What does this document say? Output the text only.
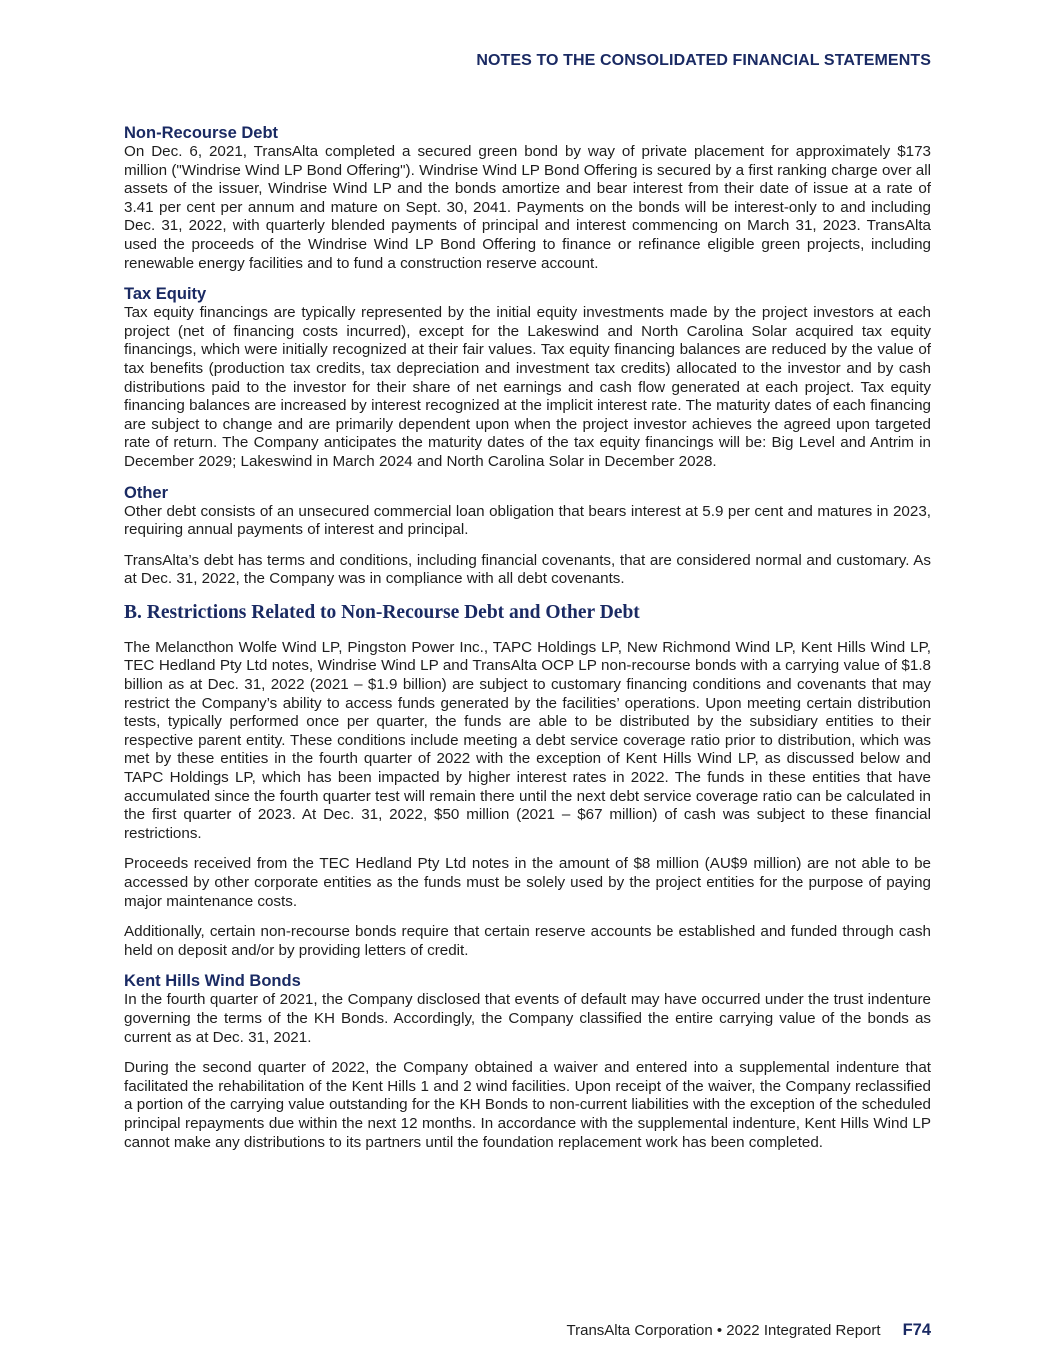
NOTES TO THE CONSOLIDATED FINANCIAL STATEMENTS
Non-Recourse Debt

On Dec. 6, 2021, TransAlta completed a secured green bond by way of private placement for approximately $173 million ("Windrise Wind LP Bond Offering"). Windrise Wind LP Bond Offering is secured by a first ranking charge over all assets of the issuer, Windrise Wind LP and the bonds amortize and bear interest from their date of issue at a rate of 3.41 per cent per annum and mature on Sept. 30, 2041. Payments on the bonds will be interest-only to and including Dec. 31, 2022, with quarterly blended payments of principal and interest commencing on March 31, 2023. TransAlta used the proceeds of the Windrise Wind LP Bond Offering to finance or refinance eligible green projects, including renewable energy facilities and to fund a construction reserve account.

Tax Equity

Tax equity financings are typically represented by the initial equity investments made by the project investors at each project (net of financing costs incurred), except for the Lakeswind and North Carolina Solar acquired tax equity financings, which were initially recognized at their fair values. Tax equity financing balances are reduced by the value of tax benefits (production tax credits, tax depreciation and investment tax credits) allocated to the investor and by cash distributions paid to the investor for their share of net earnings and cash flow generated at each project. Tax equity financing balances are increased by interest recognized at the implicit interest rate. The maturity dates of each financing are subject to change and are primarily dependent upon when the project investor achieves the agreed upon targeted rate of return. The Company anticipates the maturity dates of the tax equity financings will be: Big Level and Antrim in December 2029; Lakeswind in March 2024 and North Carolina Solar in December 2028.

Other

Other debt consists of an unsecured commercial loan obligation that bears interest at 5.9 per cent and matures in 2023, requiring annual payments of interest and principal.

TransAlta’s debt has terms and conditions, including financial covenants, that are considered normal and customary. As at Dec. 31, 2022, the Company was in compliance with all debt covenants.

B. Restrictions Related to Non-Recourse Debt and Other Debt

The Melancthon Wolfe Wind LP, Pingston Power Inc., TAPC Holdings LP, New Richmond Wind LP, Kent Hills Wind LP, TEC Hedland Pty Ltd notes, Windrise Wind LP and TransAlta OCP LP non-recourse bonds with a carrying value of $1.8 billion as at Dec. 31, 2022 (2021 – $1.9 billion) are subject to customary financing conditions and covenants that may restrict the Company’s ability to access funds generated by the facilities’ operations. Upon meeting certain distribution tests, typically performed once per quarter, the funds are able to be distributed by the subsidiary entities to their respective parent entity. These conditions include meeting a debt service coverage ratio prior to distribution, which was met by these entities in the fourth quarter of 2022 with the exception of Kent Hills Wind LP, as discussed below and TAPC Holdings LP, which has been impacted by higher interest rates in 2022. The funds in these entities that have accumulated since the fourth quarter test will remain there until the next debt service coverage ratio can be calculated in the first quarter of 2023. At Dec. 31, 2022, $50 million (2021 – $67 million) of cash was subject to these financial restrictions.

Proceeds received from the TEC Hedland Pty Ltd notes in the amount of $8 million (AU$9 million) are not able to be accessed by other corporate entities as the funds must be solely used by the project entities for the purpose of paying major maintenance costs.

Additionally, certain non-recourse bonds require that certain reserve accounts be established and funded through cash held on deposit and/or by providing letters of credit.

Kent Hills Wind Bonds

In the fourth quarter of 2021, the Company disclosed that events of default may have occurred under the trust indenture governing the terms of the KH Bonds. Accordingly, the Company classified the entire carrying value of the bonds as current as at Dec. 31, 2021.

During the second quarter of 2022, the Company obtained a waiver and entered into a supplemental indenture that facilitated the rehabilitation of the Kent Hills 1 and 2 wind facilities. Upon receipt of the waiver, the Company reclassified a portion of the carrying value outstanding for the KH Bonds to non-current liabilities with the exception of the scheduled principal repayments due within the next 12 months. In accordance with the supplemental indenture, Kent Hills Wind LP cannot make any distributions to its partners until the foundation replacement work has been completed.

TransAlta Corporation • 2022 Integrated Report F74
